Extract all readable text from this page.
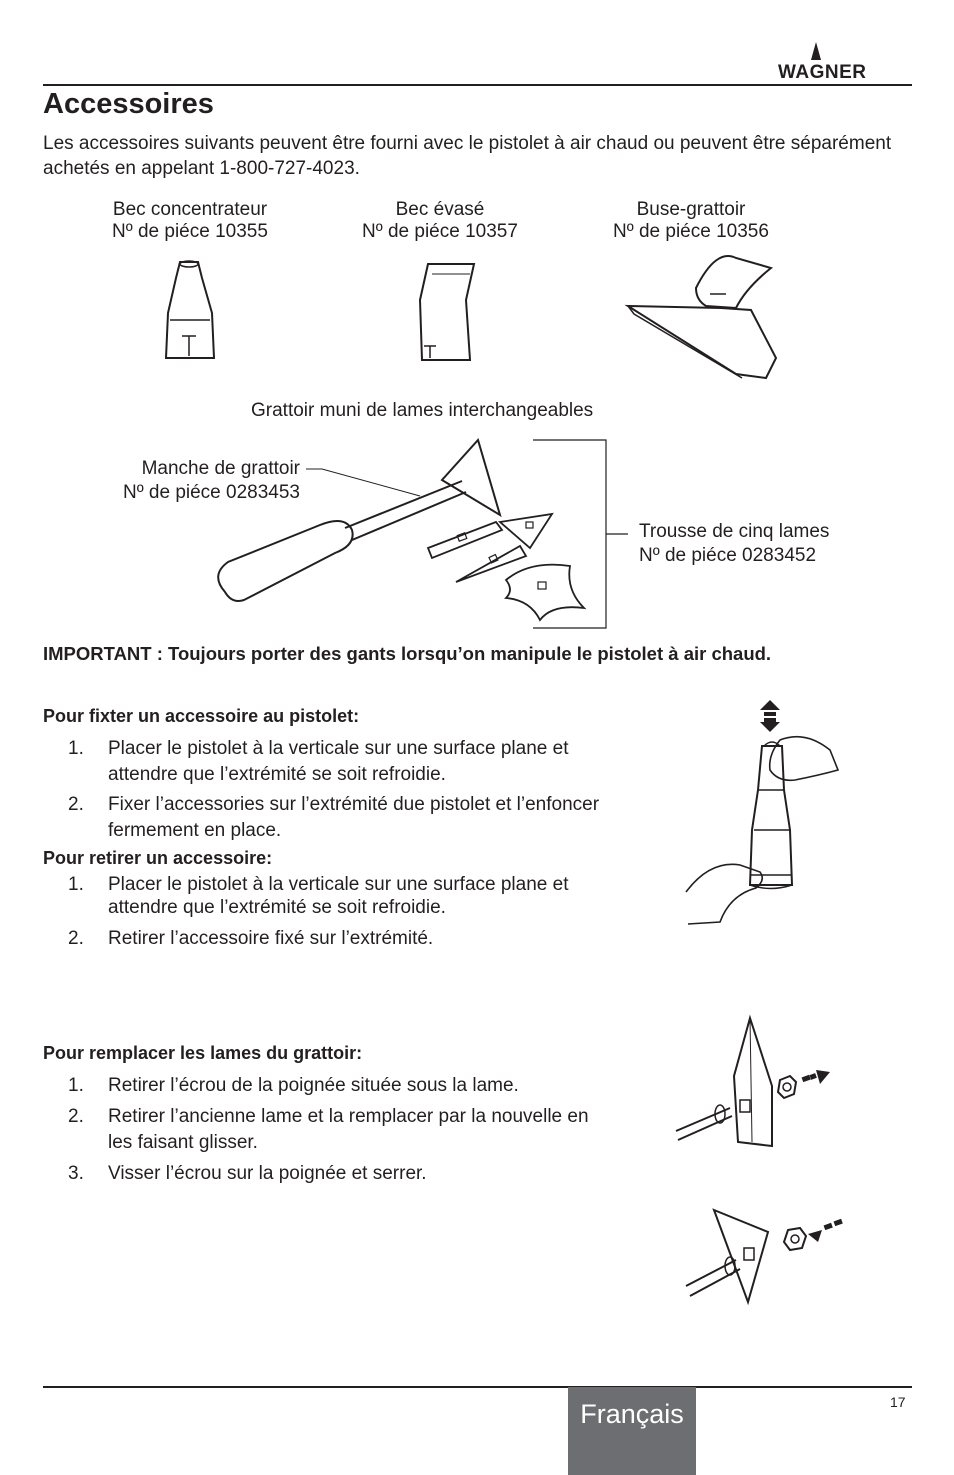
WAGNER
Accessoires
Les accessoires suivants peuvent être fourni avec le pistolet à air chaud ou peuvent être séparément achetés en appelant 1-800-727-4023.
Bec concentrateur
Nº de piéce 10355
Bec évasé
Nº de piéce 10357
Buse-grattoir
Nº de piéce 10356
Grattoir muni de lames interchangeables
Manche de grattoir
Nº de piéce 0283453
Trousse de cinq lames
Nº de piéce 0283452
IMPORTANT : Toujours porter des gants lorsqu’on manipule le pistolet à air chaud.
Pour fixter un accessoire au pistolet:
1.	Placer le pistolet à la verticale sur une surface plane et attendre que l’extrémité se soit refroidie.
2.	Fixer l’accessories sur l’extrémité due pistolet et l’enfoncer fermement en place.
Pour retirer un accessoire:
1.	Placer le pistolet à la verticale sur une surface plane et attendre que l’extrémité se soit refroidie.
2.	Retirer l’accessoire fixé sur l’extrémité.
Pour remplacer les lames du grattoir:
1.	Retirer l’écrou de la poignée située sous la lame.
2.	Retirer l’ancienne lame et la remplacer par la nouvelle en les faisant glisser.
3.	Visser l’écrou sur la poignée et serrer.
Français	17
